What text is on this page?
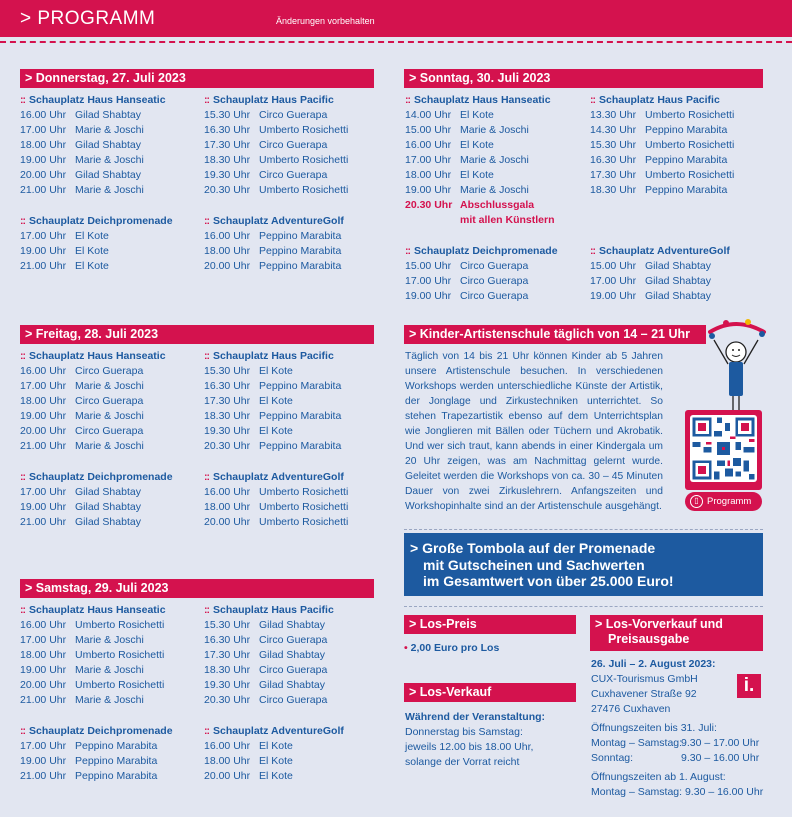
> PROGRAMM	Änderungen vorbehalten
> Donnerstag, 27. Juli 2023	> Sonntag, 30. Juli 2023
> Freitag, 28. Juli 2023
> Samstag, 29. Juli 2023
:: Schauplatz Haus Hanseatic
16.00 Uhr Gilad Shabtay
17.00 Uhr Marie & Joschi
18.00 Uhr Gilad Shabtay
19.00 Uhr Marie & Joschi
20.00 Uhr Gilad Shabtay
21.00 Uhr Marie & Joschi
:: Schauplatz Haus Pacific
15.30 Uhr Circo Guerapa
16.30 Uhr Umberto Rosichetti
17.30 Uhr Circo Guerapa
18.30 Uhr Umberto Rosichetti
19.30 Uhr Circo Guerapa
20.30 Uhr Umberto Rosichetti
:: Schauplatz Deichpromenade
17.00 Uhr El Kote
19.00 Uhr El Kote
21.00 Uhr El Kote
:: Schauplatz AdventureGolf
16.00 Uhr Peppino Marabita
18.00 Uhr Peppino Marabita
20.00 Uhr Peppino Marabita
:: Schauplatz Haus Hanseatic
16.00 Uhr Circo Guerapa
17.00 Uhr Marie & Joschi
18.00 Uhr Circo Guerapa
19.00 Uhr Marie & Joschi
20.00 Uhr Circo Guerapa
21.00 Uhr Marie & Joschi
:: Schauplatz Haus Pacific
15.30 Uhr El Kote
16.30 Uhr Peppino Marabita
17.30 Uhr El Kote
18.30 Uhr Peppino Marabita
19.30 Uhr El Kote
20.30 Uhr Peppino Marabita
:: Schauplatz Deichpromenade
17.00 Uhr Gilad Shabtay
19.00 Uhr Gilad Shabtay
21.00 Uhr Gilad Shabtay
:: Schauplatz AdventureGolf
16.00 Uhr Umberto Rosichetti
18.00 Uhr Umberto Rosichetti
20.00 Uhr Umberto Rosichetti
:: Schauplatz Haus Hanseatic
16.00 Uhr Umberto Rosichetti
17.00 Uhr Marie & Joschi
18.00 Uhr Umberto Rosichetti
19.00 Uhr Marie & Joschi
20.00 Uhr Umberto Rosichetti
21.00 Uhr Marie & Joschi
:: Schauplatz Haus Pacific
15.30 Uhr Gilad Shabtay
16.30 Uhr Circo Guerapa
17.30 Uhr Gilad Shabtay
18.30 Uhr Circo Guerapa
19.30 Uhr Gilad Shabtay
20.30 Uhr Circo Guerapa
:: Schauplatz Deichpromenade
17.00 Uhr Peppino Marabita
19.00 Uhr Peppino Marabita
21.00 Uhr Peppino Marabita
:: Schauplatz AdventureGolf
16.00 Uhr El Kote
18.00 Uhr El Kote
20.00 Uhr El Kote
:: Schauplatz Haus Hanseatic
14.00 Uhr El Kote
15.00 Uhr Marie & Joschi
16.00 Uhr El Kote
17.00 Uhr Marie & Joschi
18.00 Uhr El Kote
19.00 Uhr Marie & Joschi
20.30 Uhr Abschlussgala
mit allen Künstlern
:: Schauplatz Haus Pacific
13.30 Uhr Umberto Rosichetti
14.30 Uhr Peppino Marabita
15.30 Uhr Umberto Rosichetti
16.30 Uhr Peppino Marabita
17.30 Uhr Umberto Rosichetti
18.30 Uhr Peppino Marabita
:: Schauplatz Deichpromenade
15.00 Uhr Circo Guerapa
17.00 Uhr Circo Guerapa
19.00 Uhr Circo Guerapa
:: Schauplatz AdventureGolf
15.00 Uhr Gilad Shabtay
17.00 Uhr Gilad Shabtay
19.00 Uhr Gilad Shabtay
> Kinder-Artistenschule täglich von 14 – 21 Uhr
Täglich von 14 bis 21 Uhr können Kinder ab 5 Jahren unsere Artistenschule besuchen. In verschiedenen Workshops werden unterschiedliche Künste der Artistik, der Jonglage und Zirkustechniken unterrichtet. So stehen Trapezartistik ebenso auf dem Unterrichtsplan wie Jonglieren mit Bällen oder Tüchern und Akrobatik. Und wer sich traut, kann abends in einer Kindergala um 20 Uhr zeigen, was am Nachmittag gelernt wurde. Geleitet werden die Workshops von ca. 30 – 45 Minuten Dauer von zwei Zirkuslehrern. Anfangszeiten und Workshopinhalte sind an der Artistenschule ausgehängt.
▯ Programm
> Große Tombola auf der Promenade
mit Gutscheinen und Sachwerten
im Gesamtwert von über 25.000 Euro!
> Los-Preis
• 2,00 Euro pro Los
> Los-Verkauf
Während der Veranstaltung:
Donnerstag bis Samstag:
jeweils 12.00 bis 18.00 Uhr,
solange der Vorrat reicht
> Los-Vorverkauf und
Preisausgabe
26. Juli – 2. August 2023:
CUX-Tourismus GmbH
Cuxhavener Straße 92
27476 Cuxhaven
i.
Öffnungszeiten bis 31. Juli:
Montag – Samstag:9.30 – 17.00 Uhr
Sonntag:	9.30 – 16.00 Uhr
Öffnungszeiten ab 1. August:
Montag – Samstag: 9.30 – 16.00 Uhr
